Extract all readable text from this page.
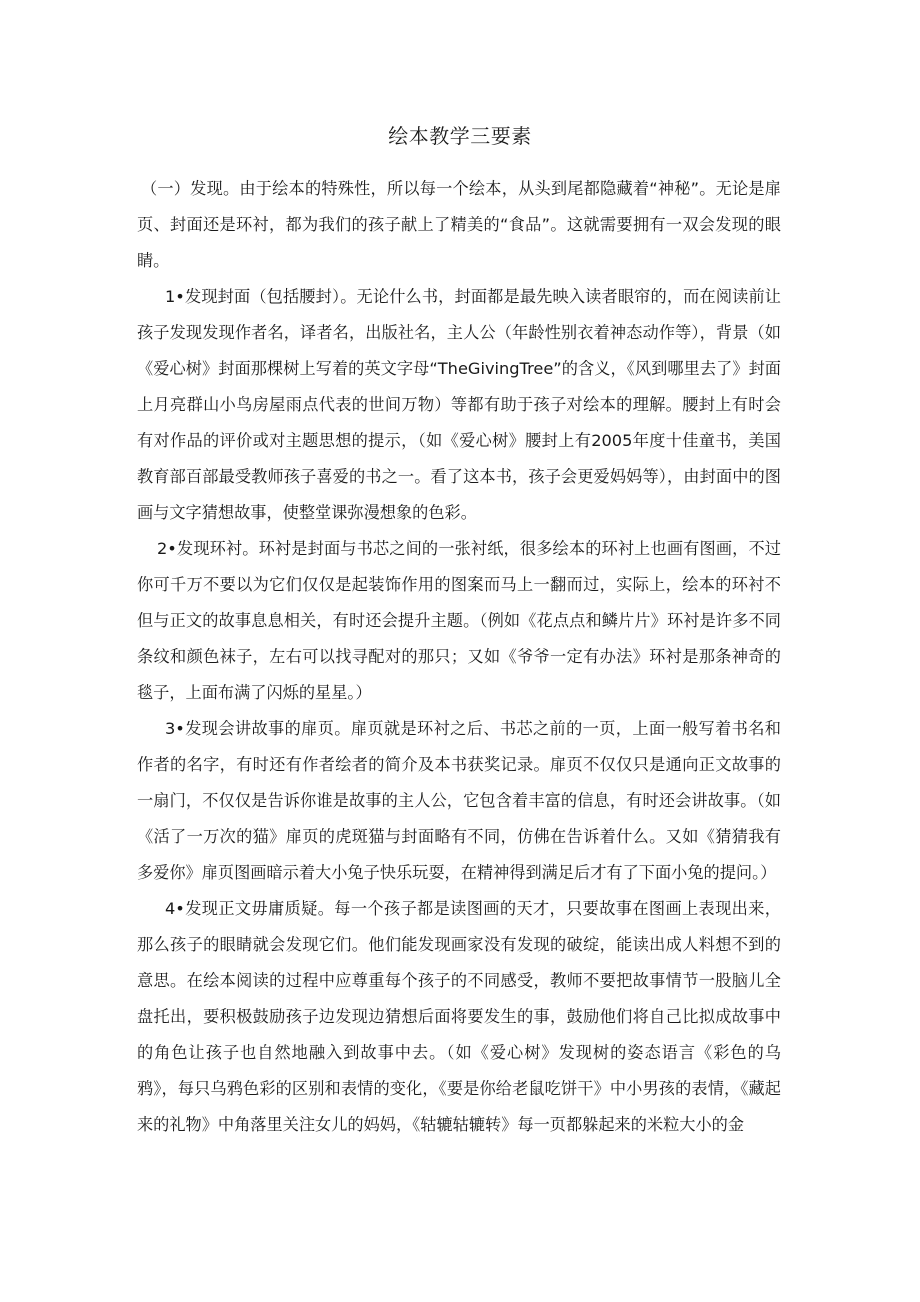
绘本教学三要素

（一）发现。由于绘本的特殊性，所以每一个绘本，从头到尾都隐藏着“神秘”。无论是扉页、封面还是环衬，都为我们的孩子献上了精美的“食品”。这就需要拥有一双会发现的眼睛。

1•发现封面（包括腰封）。无论什么书，封面都是最先映入读者眼帘的，而在阅读前让孩子发现发现作者名，译者名，出版社名，主人公（年龄性别衣着神态动作等），背景（如《爱心树》封面那棵树上写着的英文字母“TheGivingTree”的含义，《风到哪里去了》封面上月亮群山小鸟房屋雨点代表的世间万物）等都有助于孩子对绘本的理解。腰封上有时会有对作品的评价或对主题思想的提示，（如《爱心树》腰封上有2005年度十佳童书，美国教育部百部最受教师孩子喜爱的书之一。看了这本书，孩子会更爱妈妈等），由封面中的图画与文字猜想故事，使整堂课弥漫想象的色彩。

2•发现环衬。环衬是封面与书芯之间的一张衬纸，很多绘本的环衬上也画有图画，不过你可千万不要以为它们仅仅是起装饰作用的图案而马上一翻而过，实际上，绘本的环衬不但与正文的故事息息相关，有时还会提升主题。（例如《花点点和鳞片片》环衬是许多不同条纹和颜色袜子，左右可以找寻配对的那只；又如《爷爷一定有办法》环衬是那条神奇的毯子，上面布满了闪烁的星星。）

3•发现会讲故事的扉页。扉页就是环衬之后、书芯之前的一页，上面一般写着书名和作者的名字，有时还有作者绘者的简介及本书获奖记录。扉页不仅仅只是通向正文故事的一扇门，不仅仅是告诉你谁是故事的主人公，它包含着丰富的信息，有时还会讲故事。（如《活了一万次的猫》扉页的虎斑猫与封面略有不同，仿佛在告诉着什么。又如《猜猜我有多爱你》扉页图画暗示着大小兔子快乐玩耍，在精神得到满足后才有了下面小兔的提问。）

4•发现正文毋庸质疑。每一个孩子都是读图画的天才，只要故事在图画上表现出来，那么孩子的眼睛就会发现它们。他们能发现画家没有发现的破绽，能读出成人料想不到的意思。在绘本阅读的过程中应尊重每个孩子的不同感受，教师不要把故事情节一股脑儿全盘托出，要积极鼓励孩子边发现边猜想后面将要发生的事，鼓励他们将自己比拟成故事中的角色让孩子也自然地融入到故事中去。（如《爱心树》发现树的姿态语言《彩色的乌鸦》，每只乌鸦色彩的区别和表情的变化，《要是你给老鼠吃饼干》中小男孩的表情，《藏起来的礼物》中角落里关注女儿的妈妈，《轱辘轱辘转》每一页都躲起来的米粒大小的金
